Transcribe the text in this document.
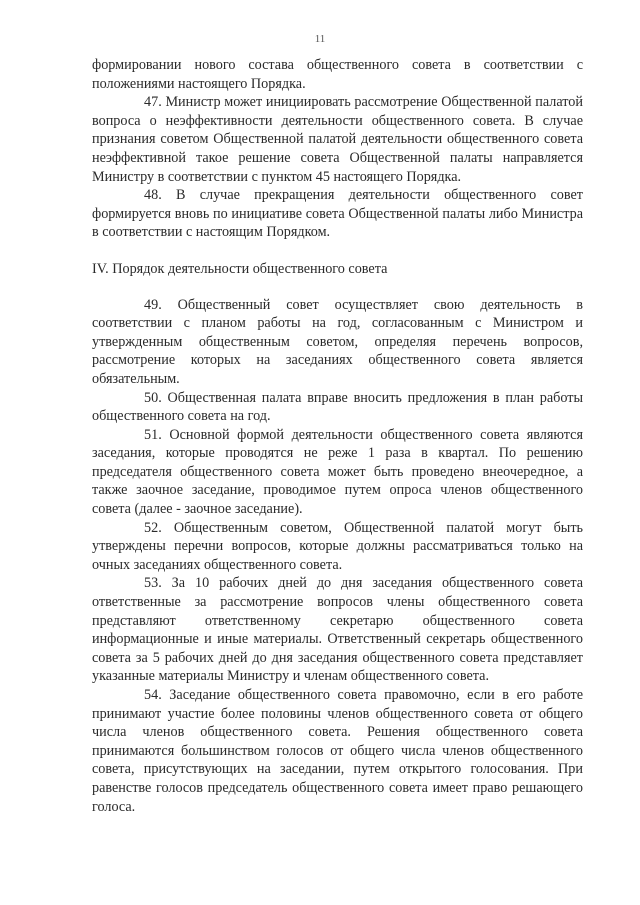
11

формировании нового состава общественного совета в соответствии с положениями настоящего Порядка.

47. Министр может инициировать рассмотрение Общественной палатой вопроса о неэффективности деятельности общественного совета. В случае признания советом Общественной палатой деятельности общественного совета неэффективной такое решение совета Общественной палаты направляется Министру в соответствии с пунктом 45 настоящего Порядка.

48. В случае прекращения деятельности общественного совет формируется вновь по инициативе совета Общественной палаты либо Министра в соответствии с настоящим Порядком.

IV. Порядок деятельности общественного совета

49. Общественный совет осуществляет свою деятельность в соответствии с планом работы на год, согласованным с Министром и утвержденным общественным советом, определяя перечень вопросов, рассмотрение которых на заседаниях общественного совета является обязательным.

50. Общественная палата вправе вносить предложения в план работы общественного совета на год.

51. Основной формой деятельности общественного совета являются заседания, которые проводятся не реже 1 раза в квартал. По решению председателя общественного совета может быть проведено внеочередное, а также заочное заседание, проводимое путем опроса членов общественного совета (далее - заочное заседание).

52. Общественным советом, Общественной палатой могут быть утверждены перечни вопросов, которые должны рассматриваться только на очных заседаниях общественного совета.

53. За 10 рабочих дней до дня заседания общественного совета ответственные за рассмотрение вопросов члены общественного совета представляют ответственному секретарю общественного совета информационные и иные материалы. Ответственный секретарь общественного совета за 5 рабочих дней до дня заседания общественного совета представляет указанные материалы Министру и членам общественного совета.

54. Заседание общественного совета правомочно, если в его работе принимают участие более половины членов общественного совета от общего числа членов общественного совета. Решения общественного совета принимаются большинством голосов от общего числа членов общественного совета, присутствующих на заседании, путем открытого голосования. При равенстве голосов председатель общественного совета имеет право решающего голоса.
